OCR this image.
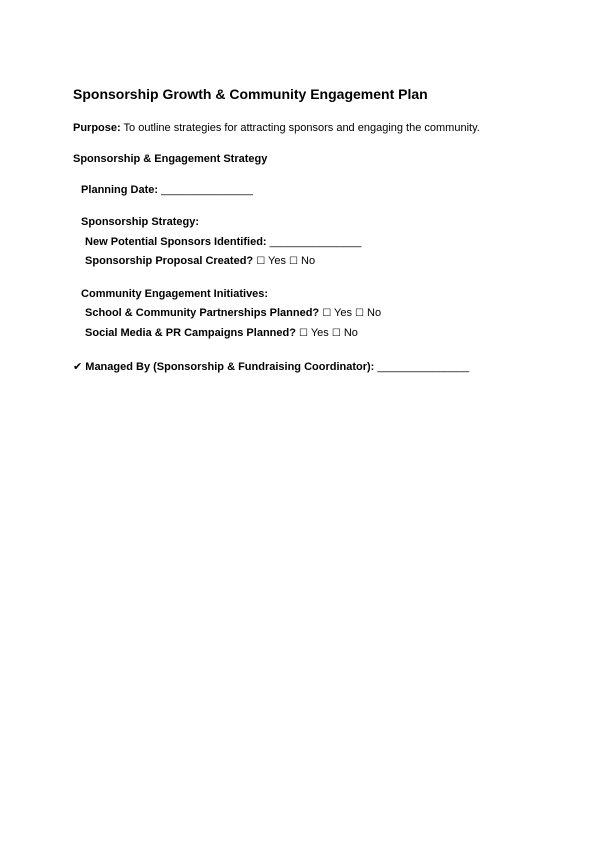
Sponsorship Growth & Community Engagement Plan
Purpose: To outline strategies for attracting sponsors and engaging the community.
Sponsorship & Engagement Strategy
Planning Date: _______________
Sponsorship Strategy:
New Potential Sponsors Identified: _______________
Sponsorship Proposal Created? ☐ Yes ☐ No
Community Engagement Initiatives:
School & Community Partnerships Planned? ☐ Yes ☐ No
Social Media & PR Campaigns Planned? ☐ Yes ☐ No
✔ Managed By (Sponsorship & Fundraising Coordinator): _______________
